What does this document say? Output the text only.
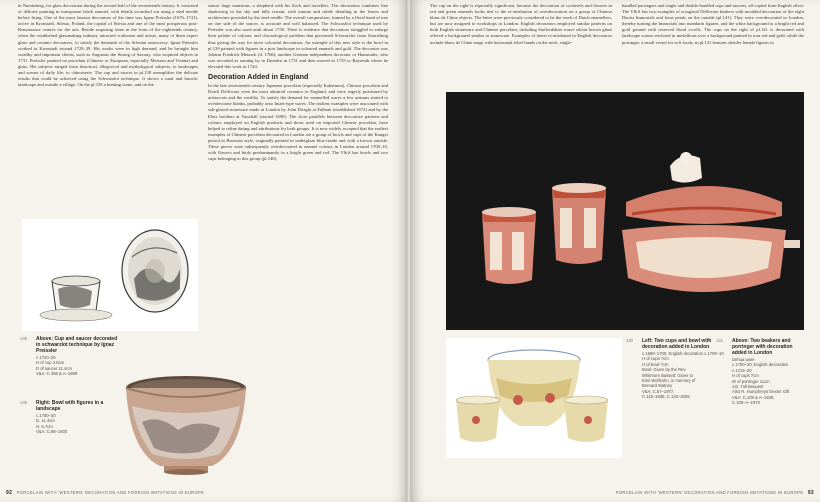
in Nuremberg, for glass decoration during the second half of the seventeenth century. It consisted of delicate painting in transparent black enamel, with details scratched out using a steel needle before firing. One of the most famous decorators of the time was Ignaz Preissler (1676–1741), active in Kronstadt, Silesia, Poland, the capital of Silesia and one of the most prosperous post-Renaissance centres for the arts. Beside acquiring fame in the form of the eighteenth century, when the established glassmaking industry attracted craftsmen and artists, many of them expert glass and ceramic decorators, to satisfy the demands of the Silesian aristocracy. Ignaz Preissler worked in Kronstadt around 1729–39. His works were in high demand, and he brought him wealthy and important clients, such as Augustus the Strong of Saxony, who acquired objects in 1731. Preissler painted on porcelain (Chinese or European, especially Meissen and Vienna) and glass. His subjects ranged from historical, allegorical and mythological subjects, to landscapes and scenes of daily life, to chinoiserie. The cup and saucer in pl.138 exemplifies the delicate results that could be achieved using the Schwarzlot technique. It shows a rural and bucolic landscape and outside a village. On the pl.139 a hunting scene, and on the

saucer large mansions, a shepherd with his flock and travellers. The decoration combines fine shadowing in the sky and hilly terrain, with minute and subtle detailing in the leaves and architecture provided by the steel needle. The overall composition, framed by a floral band of tree on one side of the saucer, is accurate and well balanced. The Schwarzlot technique used by Preissler was also used until about 1750. There is evidence that decorators struggled to enlarge their palette of colours, and chronological problem that prevented Schwarzlot from flourishing thus giving the way for more colourful decoration. An example of this new style is the bowl in pl.139 painted with figures in a port landscape in coloured enamels and gold. The decorator was Johann Friedrich Metzsch (d. 1766), another German independent decorator or Hausmaler, who was recorded as earning by in Dresden in 1731 and then moved in 1735 to Bayreuth where he elevated this work in 1744.

Decoration Added in England

In the late seventeenth century Japanese porcelain (especially Kakiemon), Chinese porcelain and Dutch Delftware were the most admired ceramics in England, and were eagerly purchased by aristocrats and the wealthy. To satisfy the demand for enamelled wares a few artisans started to overdecorate blanks, probably onto Imari-type wares. The earliest examples were associated with salt-glazed stoneware made in London by John Dwight at Fulham (established 1672) and by the Elers brothers at Vauxhall (started 1690). The close parallels between decorative patterns and colours employed on English products and those used on imported Chinese porcelain, have helped to refine dating and attributions for both groups. It is now widely accepted that the earliest examples of Chinese porcelain decorated in London are a group of bowls and cups of the Kangxi period in Batavian style, originally painted in underglaze blue inside and with a brown outside. These pieces were subsequently overdecorated in enamel colours in London around 1700–10, with flowers and birds predominantly in a bright green and red. The V&A has bowls and two cups belonging to this group (pl.140).

138 Above: Cup and saucer decorated in schwarzlot technique by Ignaz Preissler
c.1720–25
H of cup 3.8cm
D of saucer 11.4cm
V&A: C.466 & A–1899
139 Right: Bowl with figures in a landscape
c.1700–20
D. 11.4cm
H. 8.7cm
V&A: C.98–1930
92 PORCELAIN WITH 'WESTERN' DECORATION AND FOREIGN IMITATIONS IN EUROPE

The cup on the right is especially significant, because the decoration of cockerels and flowers in red and green enamels looks tied to the re-attribution of overdecoration on a group of Chinese blanc de Chine objects. The latter were previously considered to be the work of Dutch enamellers, but are now assigned to workshops in London. English decorators employed similar patterns on both English stoneware and Chinese porcelain, including Staffordshire wares whose brown glaze offered a background similar to stoneware. Examples of items re-attributed to English decorators include blanc de Chine mugs with horizontal relief bands on the neck, single-

handled porringers and single and double-handled cups and saucers, all copied from English silver. The V&A has two examples of octagonal Delftware beakers with moulded decoration of the eight Daoist Immortals and lotus petals on the outside (pl.141). They were overdecorated in London, thereby turning the Immortals into mandarin figures, and the white background to a bright red and gold ground with reserved floral scrolls. The cups on the right of pl.141 is decorated with landscape scenes enclosed in medallions over a background painted in iron red and gold, while the porringer, a small vessel for soft foods, in pl.141 features slender female figures in

140 Left: Two cups and bowl with decoration added in London
c.1690–1700; English decoration c.1700–10
H of cups 7cm
H of bowl 7cm
Bowl: Given by the Rev.
Whitmore Bassett; Given to
Emil Wolfsohn, in memory of
Bernard Watney
V&A: C.67–1977,
C.119–1936, C.133–2005
141 Above: Two beakers and porringer with decoration added in London
Dehua ware
c.1700–20; English decoration
c.1715–20
H of cups 7cm
W of porringer 11cm
J.B. Tull Bequest
Also R. Humphreys Dexter Gift
V&A: C.109 & A–1936;
C.109–A–1970
PORCELAIN WITH 'WESTERN' DECORATION AND FOREIGN IMITATIONS IN EUROPE 93
